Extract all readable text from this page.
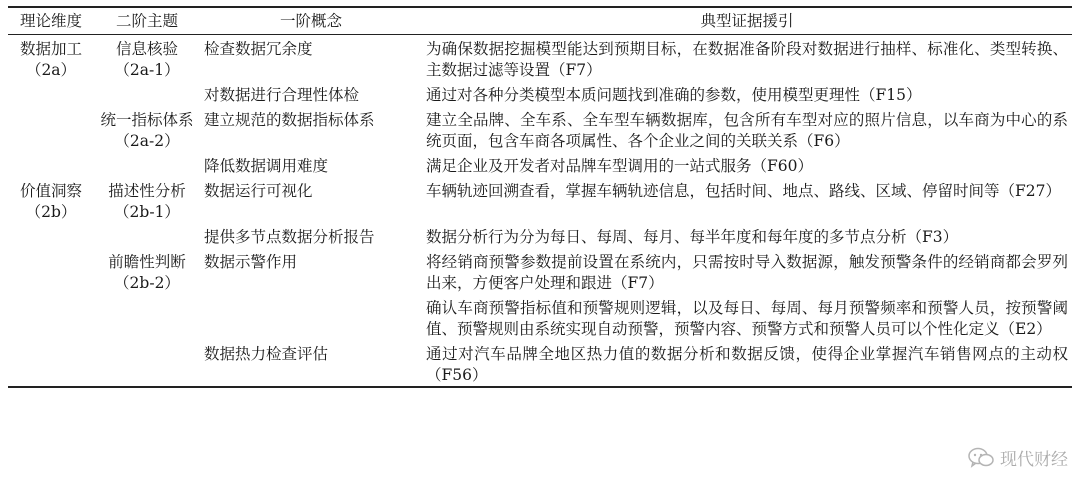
理论维度	二阶主题	一阶概念	典型证据援引
数据加工（2a）	信息核验（2a-1）	检查数据冗余度	为确保数据挖掘模型能达到预期目标，在数据准备阶段对数据进行抽样、标准化、类型转换、主数据过滤等设置（F7）
		对数据进行合理性体检	通过对各种分类模型本质问题找到准确的参数，使用模型更理性（F15）
	统一指标体系（2a-2）	建立规范的数据指标体系	建立全品牌、全车系、全车型车辆数据库，包含所有车型对应的照片信息，以车商为中心的系统页面，包含车商各项属性、各个企业之间的关联关系（F6）
		降低数据调用难度	满足企业及开发者对品牌车型调用的一站式服务（F60）
价值洞察（2b）	描述性分析（2b-1）	数据运行可视化	车辆轨迹回溯查看，掌握车辆轨迹信息，包括时间、地点、路线、区域、停留时间等（F27）
		提供多节点数据分析报告	数据分析行为分为每日、每周、每月、每半年度和每年度的多节点分析（F3）
	前瞻性判断（2b-2）	数据示警作用	将经销商预警参数提前设置在系统内，只需按时导入数据源，触发预警条件的经销商都会罗列出来，方便客户处理和跟进（F7）
			确认车商预警指标值和预警规则逻辑，以及每日、每周、每月预警频率和预警人员，按预警阈值、预警规则由系统实现自动预警，预警内容、预警方式和预警人员可以个性化定义（E2）
		数据热力检查评估	通过对汽车品牌全地区热力值的数据分析和数据反馈，使得企业掌握汽车销售网点的主动权（F56）
现代财经
